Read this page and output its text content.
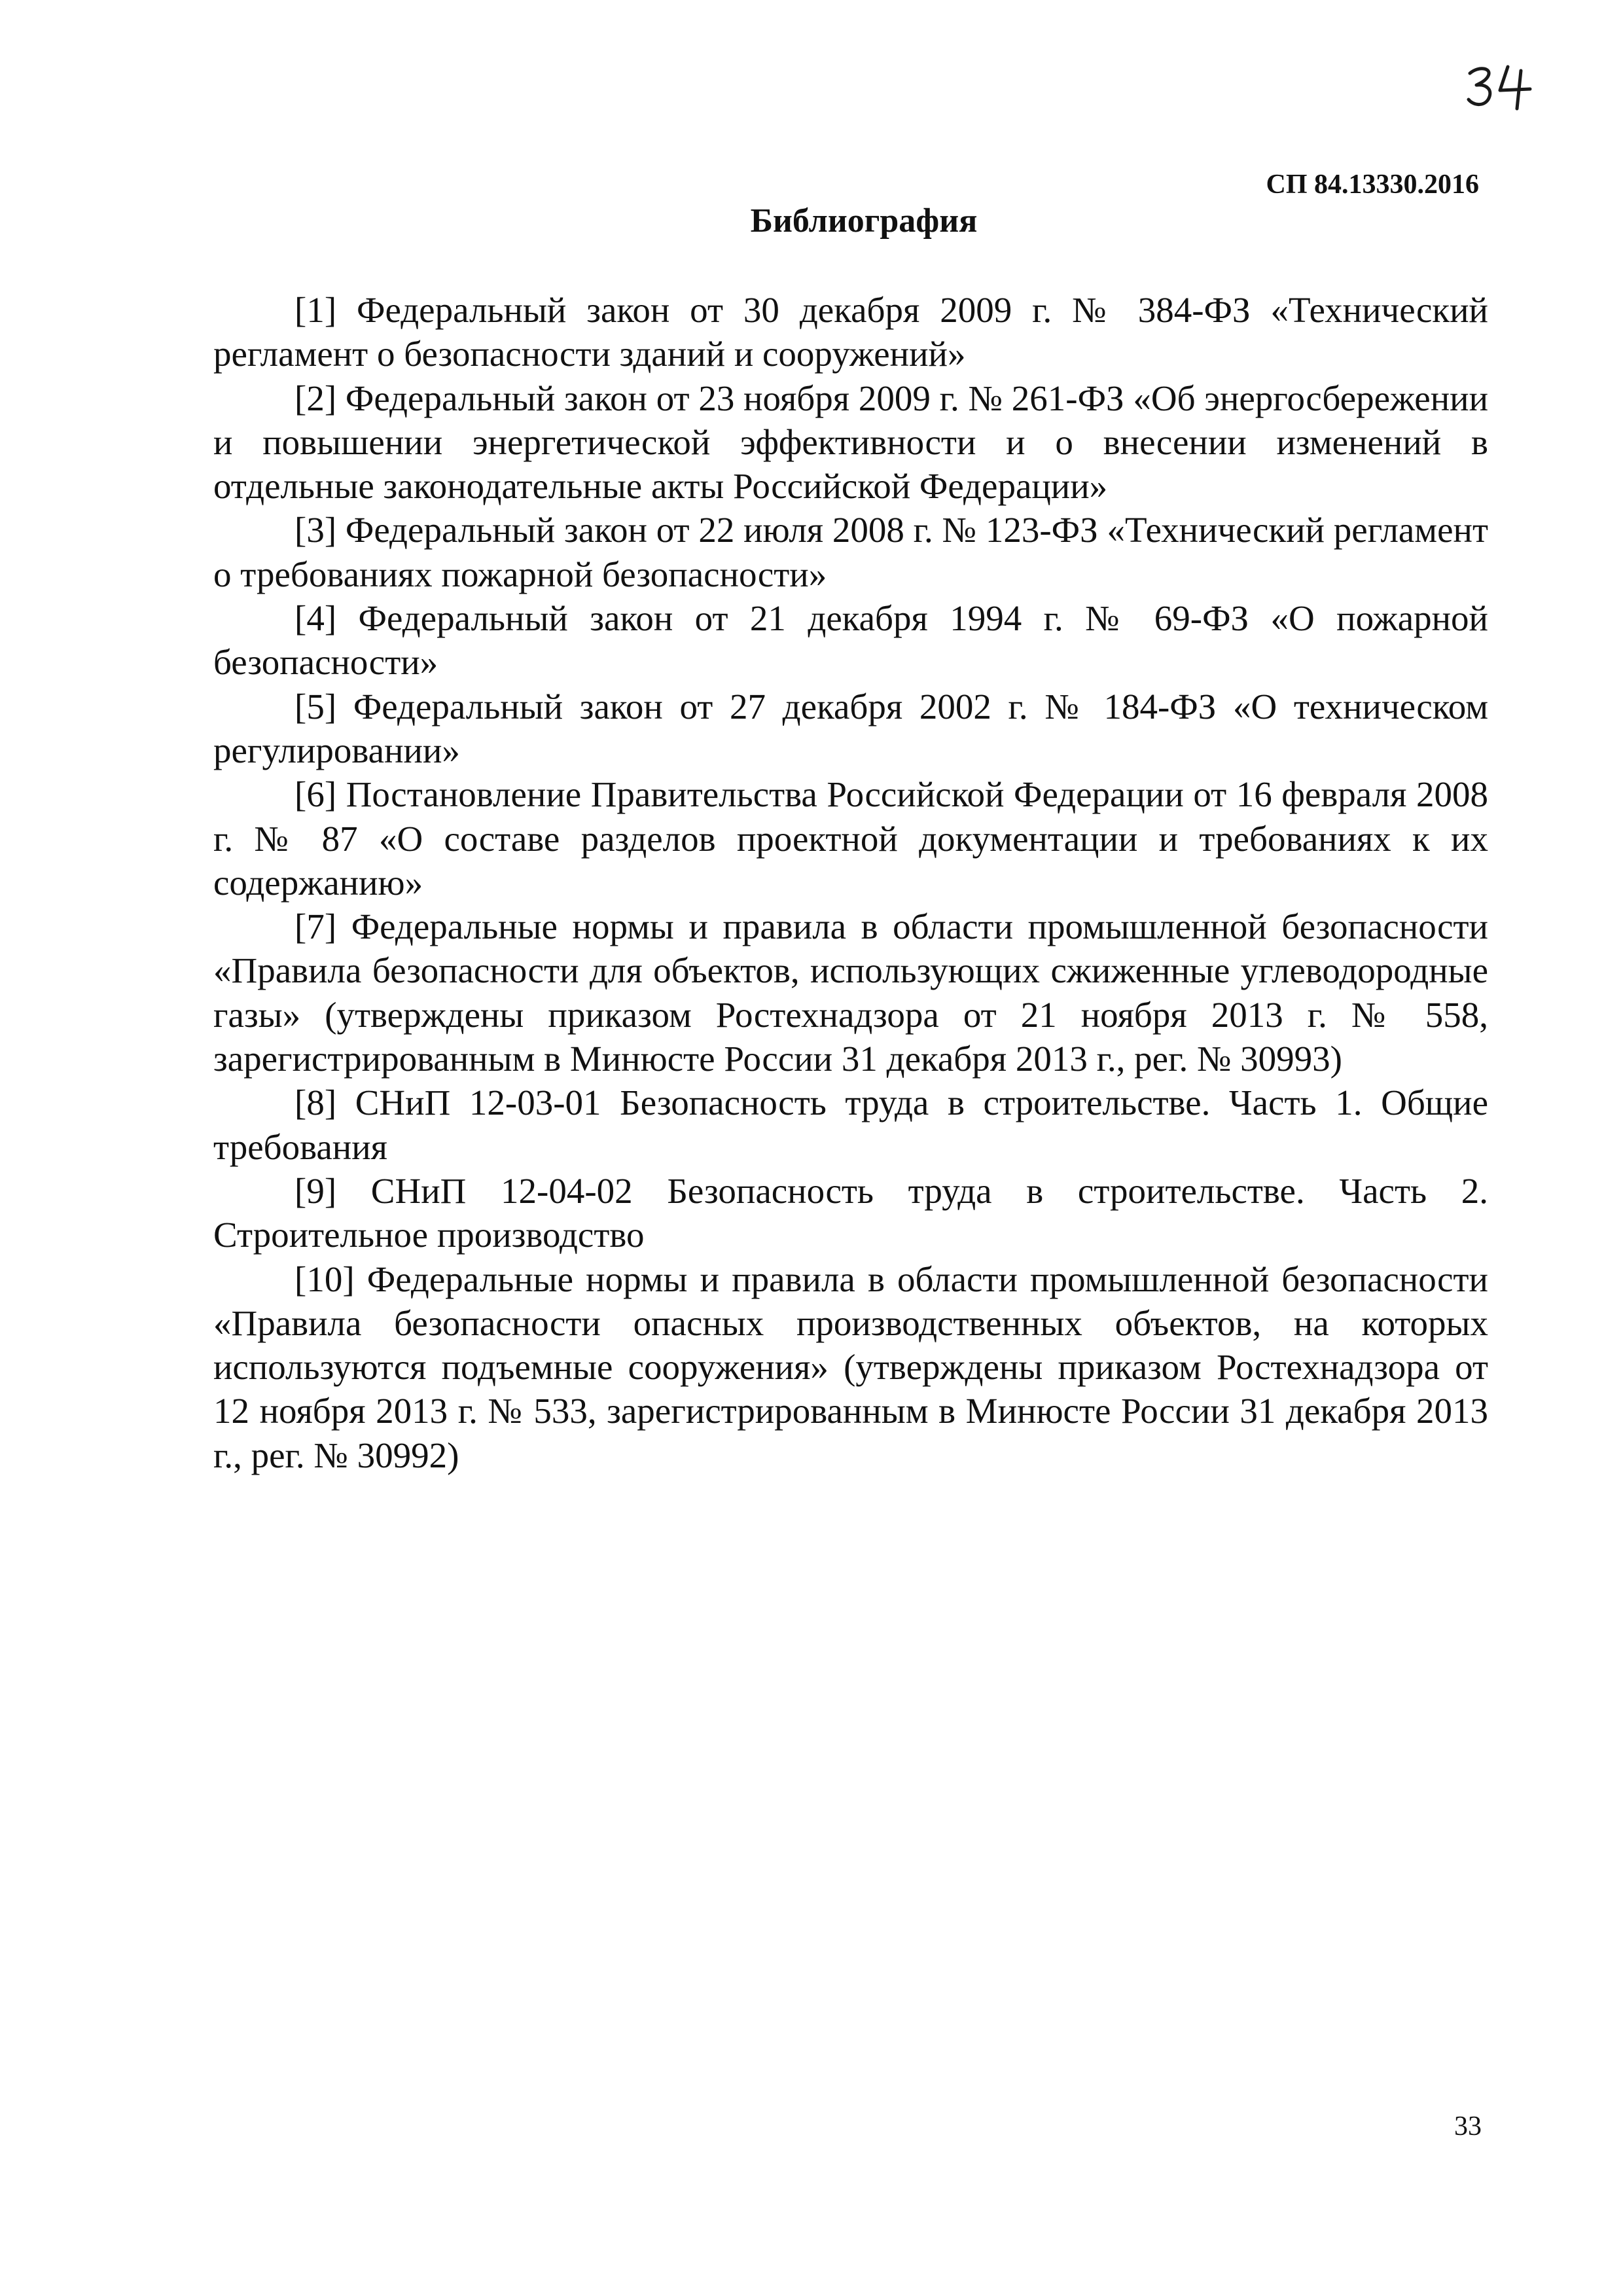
СП 84.13330.2016
Библиография

[1] Федеральный закон от 30 декабря 2009 г. № 384-ФЗ «Технический регламент о безопасности зданий и сооружений»

[2] Федеральный закон от 23 ноября 2009 г. № 261-ФЗ «Об энергосбережении и повышении энергетической эффективности и о внесении изменений в отдельные законодательные акты Российской Федерации»

[3] Федеральный закон от 22 июля 2008 г. № 123-ФЗ «Технический регламент о требованиях пожарной безопасности»

[4] Федеральный закон от 21 декабря 1994 г. № 69-ФЗ «О пожарной безопасности»

[5] Федеральный закон от 27 декабря 2002 г. № 184-ФЗ «О техническом регулировании»

[6] Постановление Правительства Российской Федерации от 16 февраля 2008 г. № 87 «О составе разделов проектной документации и требованиях к их содержанию»

[7] Федеральные нормы и правила в области промышленной безопасности «Правила безопасности для объектов, использующих сжиженные углеводородные газы» (утверждены приказом Ростехнадзора от 21 ноября 2013 г. № 558, зарегистрированным в Минюсте России 31 декабря 2013 г., рег. № 30993)

[8] СНиП 12-03-01 Безопасность труда в строительстве. Часть 1. Общие требования

[9] СНиП 12-04-02 Безопасность труда в строительстве. Часть 2. Строительное производство

[10] Федеральные нормы и правила в области промышленной безопасности «Правила безопасности опасных производственных объектов, на которых используются подъемные сооружения» (утверждены приказом Ростехнадзора от 12 ноября 2013 г. № 533, зарегистрированным в Минюсте России 31 декабря 2013 г., рег. № 30992)

33
